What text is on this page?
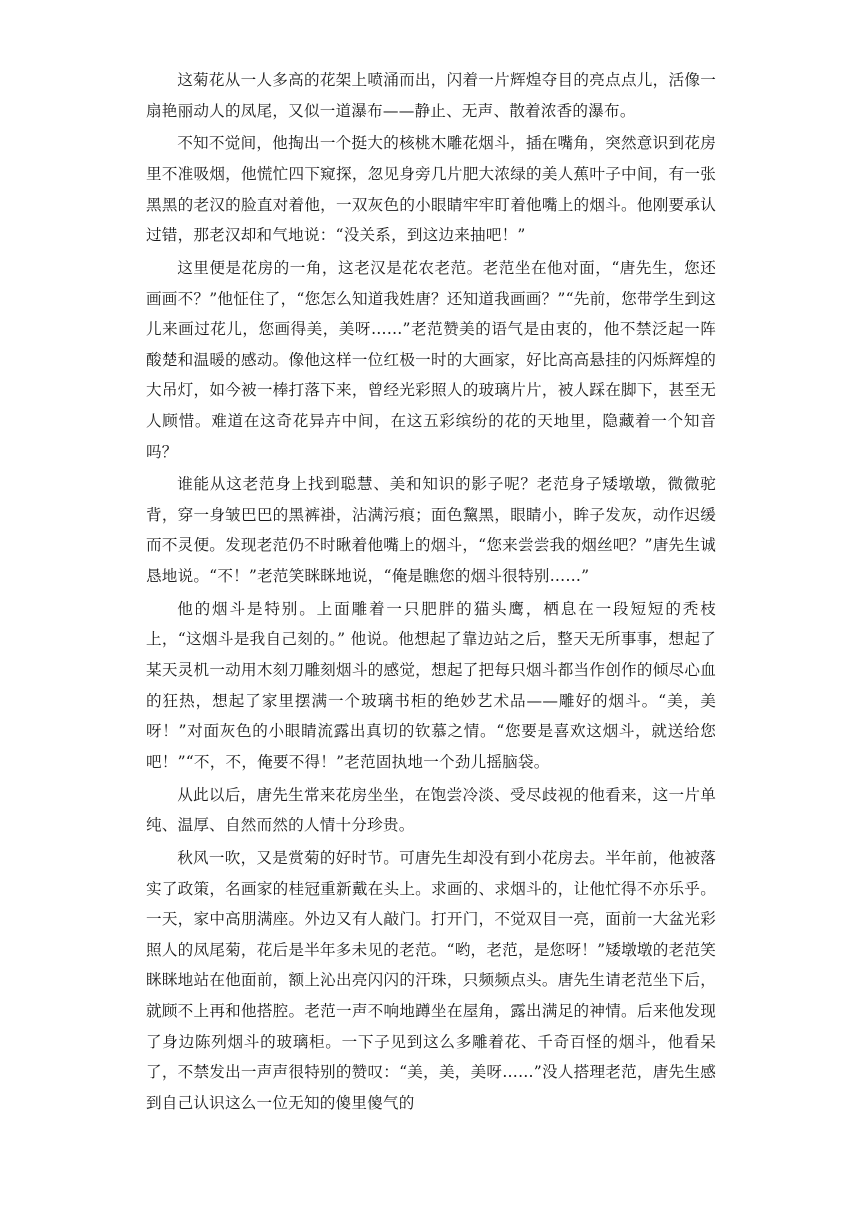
这菊花从一人多高的花架上喷涌而出，闪着一片辉煌夺目的亮点点儿，活像一扇艳丽动人的凤尾，又似一道瀑布——静止、无声、散着浓香的瀑布。

不知不觉间，他掏出一个挺大的核桃木雕花烟斗，插在嘴角，突然意识到花房里不准吸烟，他慌忙四下窥探，忽见身旁几片肥大浓绿的美人蕉叶子中间，有一张黑黑的老汉的脸直对着他，一双灰色的小眼睛牢牢盯着他嘴上的烟斗。他刚要承认过错，那老汉却和气地说：“没关系，到这边来抽吧！”

这里便是花房的一角，这老汉是花农老范。老范坐在他对面，“唐先生，您还画画不？”他怔住了，“您怎么知道我姓唐？还知道我画画？”“先前，您带学生到这儿来画过花儿，您画得美，美呀……”老范赞美的语气是由衷的，他不禁泛起一阵酸楚和温暖的感动。像他这样一位红极一时的大画家，好比高高悬挂的闪烁辉煌的大吊灯，如今被一棒打落下来，曾经光彩照人的玻璃片片，被人踩在脚下，甚至无人顾惜。难道在这奇花异卉中间，在这五彩缤纷的花的天地里，隐藏着一个知音吗？

谁能从这老范身上找到聪慧、美和知识的影子呢？老范身子矮墩墩，微微驼背，穿一身皱巴巴的黑裤褂，沾满污痕；面色黧黑，眼睛小，眸子发灰，动作迟缓而不灵便。发现老范仍不时瞅着他嘴上的烟斗，“您来尝尝我的烟丝吧？”唐先生诚恳地说。“不！”老范笑眯眯地说，“俺是瞧您的烟斗很特别……”

他的烟斗是特别。上面雕着一只肥胖的猫头鹰，栖息在一段短短的秃枝上，“这烟斗是我自己刻的。” 他说。他想起了靠边站之后，整天无所事事，想起了某天灵机一动用木刻刀雕刻烟斗的感觉，想起了把每只烟斗都当作创作的倾尽心血的狂热，想起了家里摆满一个玻璃书柜的绝妙艺术品——雕好的烟斗。“美，美呀！”对面灰色的小眼睛流露出真切的钦慕之情。“您要是喜欢这烟斗，就送给您吧！”“不，不，俺要不得！”老范固执地一个劲儿摇脑袋。

从此以后，唐先生常来花房坐坐，在饱尝冷淡、受尽歧视的他看来，这一片单纯、温厚、自然而然的人情十分珍贵。

秋风一吹，又是赏菊的好时节。可唐先生却没有到小花房去。半年前，他被落实了政策，名画家的桂冠重新戴在头上。求画的、求烟斗的，让他忙得不亦乐乎。一天，家中高朋满座。外边又有人敲门。打开门，不觉双目一亮，面前一大盆光彩照人的凤尾菊，花后是半年多未见的老范。“哟，老范，是您呀！”矮墩墩的老范笑眯眯地站在他面前，额上沁出亮闪闪的汗珠，只频频点头。唐先生请老范坐下后，就顾不上再和他搭腔。老范一声不响地蹲坐在屋角，露出满足的神情。后来他发现了身边陈列烟斗的玻璃柜。一下子见到这么多雕着花、千奇百怪的烟斗，他看呆了，不禁发出一声声很特别的赞叹：“美，美，美呀……”没人搭理老范，唐先生感到自己认识这么一位无知的傻里傻气的
